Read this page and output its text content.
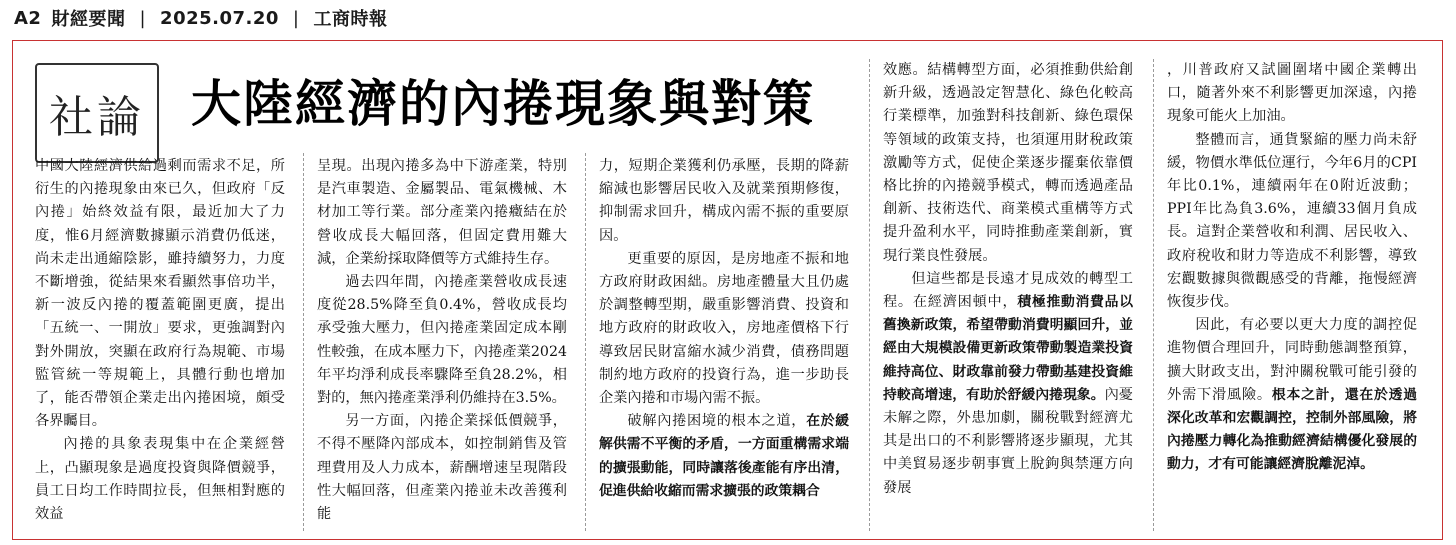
A2 財經要聞 | 2025.07.20 | 工商時報
社論 大陸經濟的內捲現象與對策

中國大陸經濟供給過剩而需求不足，所衍生的內捲現象由來已久，但政府「反內捲」始終效益有限，最近加大了力度，惟6月經濟數據顯示消費仍低迷，尚未走出通縮陰影，雖持續努力，力度不斷增強，從結果來看顯然事倍功半，新一波反內捲的覆蓋範圍更廣，提出「五統一、一開放」要求，更強調對內對外開放，突顯在政府行為規範、市場監管統一等規範上，具體行動也增加了，能否帶領企業走出內捲困境，頗受各界矚目。

內捲的具象表現集中在企業經營上，凸顯現象是過度投資與降價競爭，員工日均工作時間拉長，但無相對應的效益

呈現。出現內捲多為中下游產業，特別是汽車製造、金屬製品、電氣機械、木材加工等行業。部分產業內捲癥結在於營收成長大幅回落，但固定費用難大減，企業紛採取降價等方式維持生存。

過去四年間，內捲產業營收成長速度從28.5%降至負0.4%，營收成長均承受強大壓力，但內捲產業固定成本剛性較強，在成本壓力下，內捲產業2024年平均淨利成長率驟降至負28.2%，相對的，無內捲產業淨利仍維持在3.5%。

另一方面，內捲企業採低價競爭，不得不壓降內部成本，如控制銷售及管理費用及人力成本，薪酬增速呈現階段性大幅回落，但產業內捲並未改善獲利能

力，短期企業獲利仍承壓，長期的降薪縮減也影響居民收入及就業預期修復，抑制需求回升，構成內需不振的重要原因。

更重要的原因，是房地產不振和地方政府財政困絀。房地產體量大且仍處於調整轉型期，嚴重影響消費、投資和地方政府的財政收入，房地產價格下行導致居民財富縮水減少消費，債務問題制約地方政府的投資行為，進一步助長企業內捲和市場內需不振。

破解內捲困境的根本之道，在於緩解供需不平衡的矛盾，一方面重構需求端的擴張動能，同時讓落後產能有序出清，促進供給收縮而需求擴張的政策耦合

效應。結構轉型方面，必須推動供給創新升級，透過設定智慧化、綠色化較高行業標準，加強對科技創新、綠色環保等領域的政策支持，也須運用財稅政策激勵等方式，促使企業逐步擺棄依靠價格比拚的內捲競爭模式，轉而透過產品創新、技術迭代、商業模式重構等方式提升盈利水平，同時推動產業創新，實現行業良性發展。

但這些都是長遠才見成效的轉型工程。在經濟困頓中，積極推動消費品以舊換新政策，希望帶動消費明顯回升，並經由大規模設備更新政策帶動製造業投資維持高位、財政靠前發力帶動基建投資維持較高增速，有助於舒緩內捲現象。內憂未解之際，外患加劇，關稅戰對經濟尤其是出口的不利影響將逐步顯現，尤其中美貿易逐步朝事實上脫鉤與禁運方向發展

，川普政府又試圖圍堵中國企業轉出口，隨著外來不利影響更加深遠，內捲現象可能火上加油。

整體而言，通貨緊縮的壓力尚未舒緩，物價水準低位運行，今年6月的CPI年比0.1%，連續兩年在0附近波動；PPI年比為負3.6%，連續33個月負成長。這對企業營收和利潤、居民收入、政府稅收和財力等造成不利影響，導致宏觀數據與微觀感受的背離，拖慢經濟恢復步伐。

因此，有必要以更大力度的調控促進物價合理回升，同時動態調整預算，擴大財政支出，對沖關稅戰可能引發的外需下滑風險。根本之計，還在於透過深化改革和宏觀調控，控制外部風險，將內捲壓力轉化為推動經濟結構優化發展的動力，才有可能讓經濟脫離泥淖。
